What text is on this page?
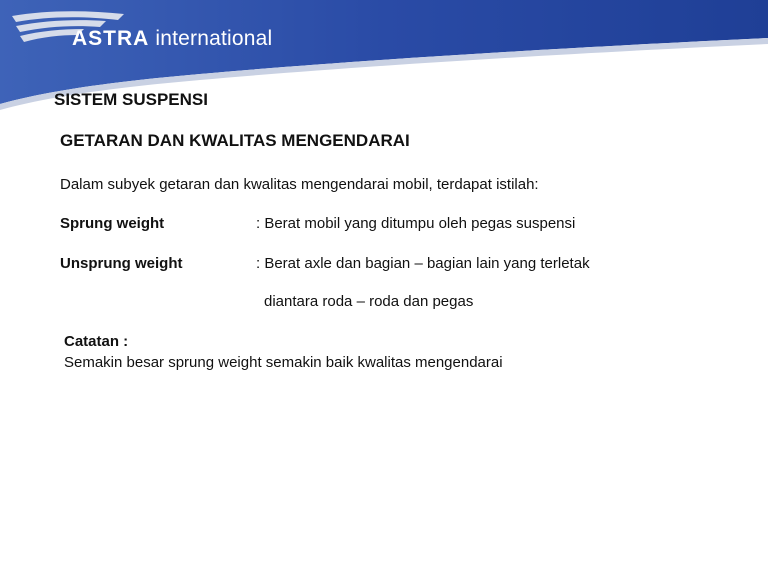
ASTRA international
SISTEM SUSPENSI
GETARAN DAN KWALITAS MENGENDARAI
Dalam subyek getaran dan kwalitas mengendarai mobil, terdapat istilah:
Sprung weight	: Berat mobil yang ditumpu oleh pegas suspensi
Unsprung weight	: Berat axle dan bagian – bagian lain yang terletak
diantara roda – roda dan pegas
Catatan :
Semakin besar sprung weight semakin baik kwalitas mengendarai
